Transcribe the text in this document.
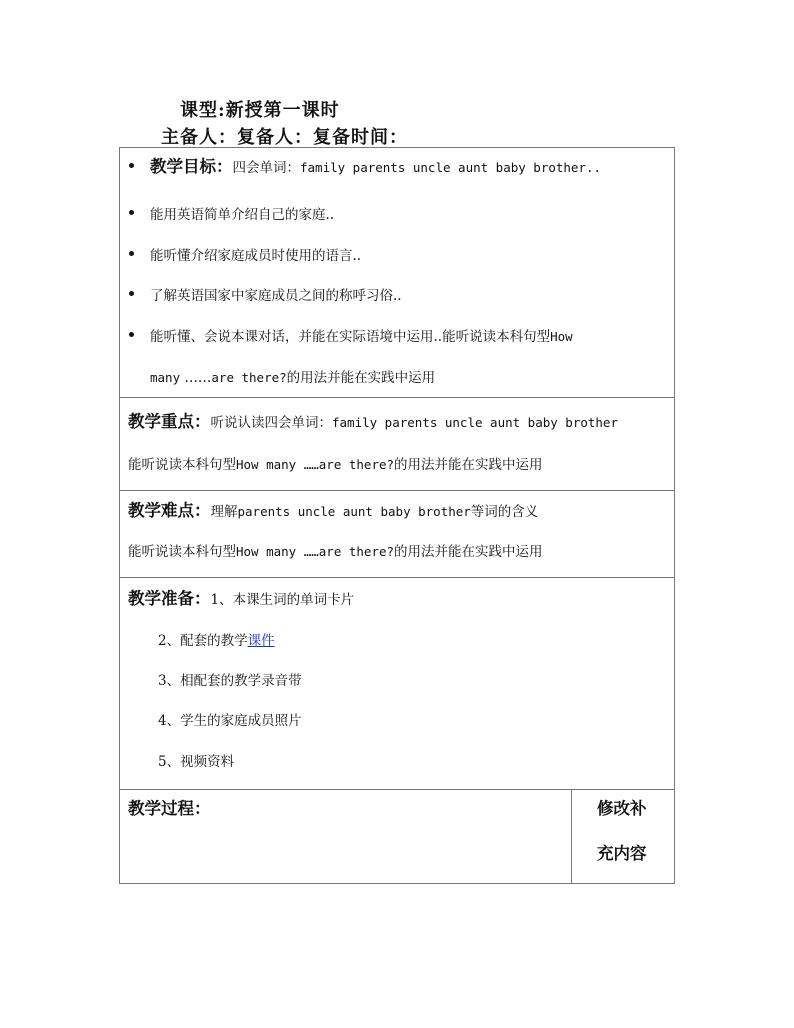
课型:新授第一课时
主备人：复备人：复备时间：
教学目标：四会单词：family parents uncle aunt baby brother..
能用英语简单介绍自己的家庭..
能听懂介绍家庭成员时使用的语言..
了解英语国家中家庭成员之间的称呼习俗..
能听懂、会说本课对话，并能在实际语境中运用..能听说读本科句型How
many ……are there?的用法并能在实践中运用
教学重点：听说认读四会单词：family parents uncle aunt baby brother
能听说读本科句型How many ……are there?的用法并能在实践中运用
教学难点：理解parents uncle aunt baby brother等词的含义
能听说读本科句型How many ……are there?的用法并能在实践中运用
教学准备：1、本课生词的单词卡片
2、配套的教学课件
3、相配套的教学录音带
4、学生的家庭成员照片
5、视频资料
教学过程：	修改补
充内容
